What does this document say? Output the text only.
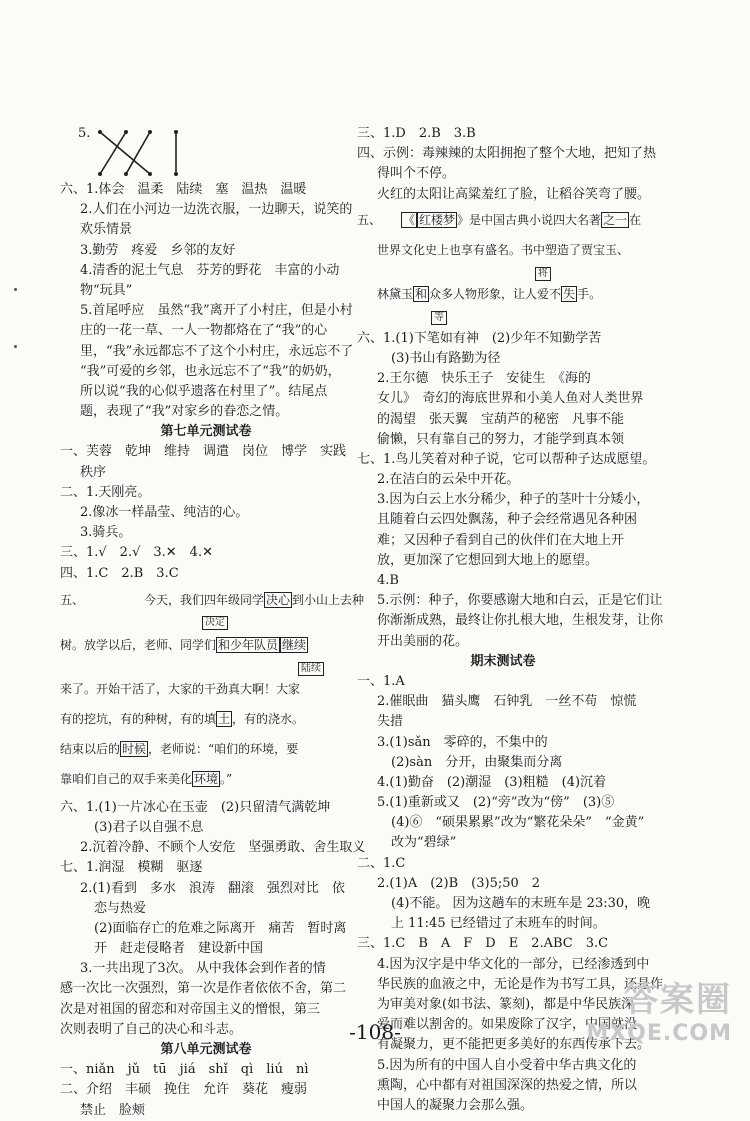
5.
六、1.体会　温柔　陆续　塞　温热　温暖
2.人们在小河边一边洗衣服，一边聊天，说笑的
欢乐情景
3.勤劳　疼爱　乡邻的友好
4.清香的泥土气息　芬芳的野花　丰富的小动
物“玩具”
5.首尾呼应　虽然“我”离开了小村庄，但是小村
庄的一花一草、一人一物都烙在了“我”的心
里，“我”永远都忘不了这个小村庄，永远忘不了
“我”可爱的乡邻，也永远忘不了“我”的奶奶，
所以说“我的心似乎遗落在村里了”。结尾点
题，表现了“我”对家乡的眷恋之情。
第七单元测试卷
一、芙蓉　乾坤　维持　调遣　岗位　博学　实践
秩序
二、1.天刚亮。
2.像冰一样晶莹、纯洁的心。
3.骑兵。
三、1.√　2.√　3.✕　4.✕
四、1.C　2.B　3.C
五、	今天，我们四年级同学 决心 到小山上去种
决定
树。放学以后，老师、同学们 和少年队员 继续
陆续
来了。开始干活了，大家的干劲真大啊！大家
有的挖坑，有的种树，有的填 土 ，有的浇水。
结束以后的 时候 ，老师说：“咱们的环境，要
靠咱们自己的双手来美化 环境 。”
六、1.(1)一片冰心在玉壶　(2)只留清气满乾坤
(3)君子以自强不息
2.沉着冷静、不顾个人安危　坚强勇敢、舍生取义
七、1.润湿　模糊　驱逐
2.(1)看到　多水　浪涛　翻滚　强烈对比　依
恋与热爱
(2)面临存亡的危难之际离开　痛苦　暂时离
开　赶走侵略者　建设新中国
3.一共出现了3次。 从中我体会到作者的情
感一次比一次强烈，第一次是作者依依不舍，第二
次是对祖国的留恋和对帝国主义的憎恨，第三
次则表明了自己的决心和斗志。
第八单元测试卷
一、niǎn　jǔ　tū　jiá　shǐ　qì　liú　nì
二、介绍　丰硕　挽住　允许　葵花　瘦弱
禁止　脸颊
三、1.D　2.B　3.B
四、示例：毒辣辣的太阳拥抱了整个大地，把知了热
得叫个不停。
火红的太阳让高粱羞红了脸，让稻谷笑弯了腰。
五、 《 红楼梦 》是中国古典小说四大名著 之一 在
世界文化史上也享有盛名。书中塑造了贾宝玉、
将
林黛玉 和 众多人物形象，让人爱不 失 手。
等
六、1.(1)下笔如有神　(2)少年不知勤学苦
(3)书山有路勤为径
2.王尔德　快乐王子　安徒生　《海的
女儿》　奇幻的海底世界和小美人鱼对人类世界
的渴望　张天翼　宝葫芦的秘密　凡事不能
偷懒，只有靠自己的努力，才能学到真本领
七、1.鸟儿笑着对种子说，它可以帮种子达成愿望。
2.在洁白的云朵中开花。
3.因为白云上水分稀少，种子的茎叶十分矮小，
且随着白云四处飘荡，种子会经常遇见各种困
难；又因种子看到自己的伙伴们在大地上开
放，更加深了它想回到大地上的愿望。
4.B
5.示例：种子，你要感谢大地和白云，正是它们让
你渐渐成熟，最终让你扎根大地，生根发芽，让你
开出美丽的花。
期末测试卷
一、1.A
2.催眠曲　猫头鹰　石钟乳　一丝不苟　惊慌
失措
3.(1)sǎn　零碎的，不集中的
(2)sàn　分开，由聚集而分离
4.(1)勤奋　(2)潮湿　(3)粗糙　(4)沉着
5.(1)重新或又　(2)“旁”改为“傍”　(3)⑤
(4)⑥　“硕果累累”改为“繁花朵朵”　“金黄”
改为“碧绿”
二、1.C
2.(1)A　(2)B　(3)5;50　2
(4)不能。 因为这趟车的末班车是 23:30，晚
上 11:45 已经错过了末班车的时间。
三、1.C　B　A　F　D　E　2.ABC　3.C
4.因为汉字是中华文化的一部分，已经渗透到中
华民族的血液之中，无论是作为书写工具，还是作
为审美对象(如书法、篆刻)，都是中华民族深
爱而难以割舍的。如果废除了汉字，中国就没
有凝聚力，更不能把更多美好的东西传承下去。
5.因为所有的中国人自小受着中华古典文化的
熏陶，心中都有对祖国深深的热爱之情，所以
中国人的凝聚力会那么强。
-108-
答案圈
MXQE.COM
